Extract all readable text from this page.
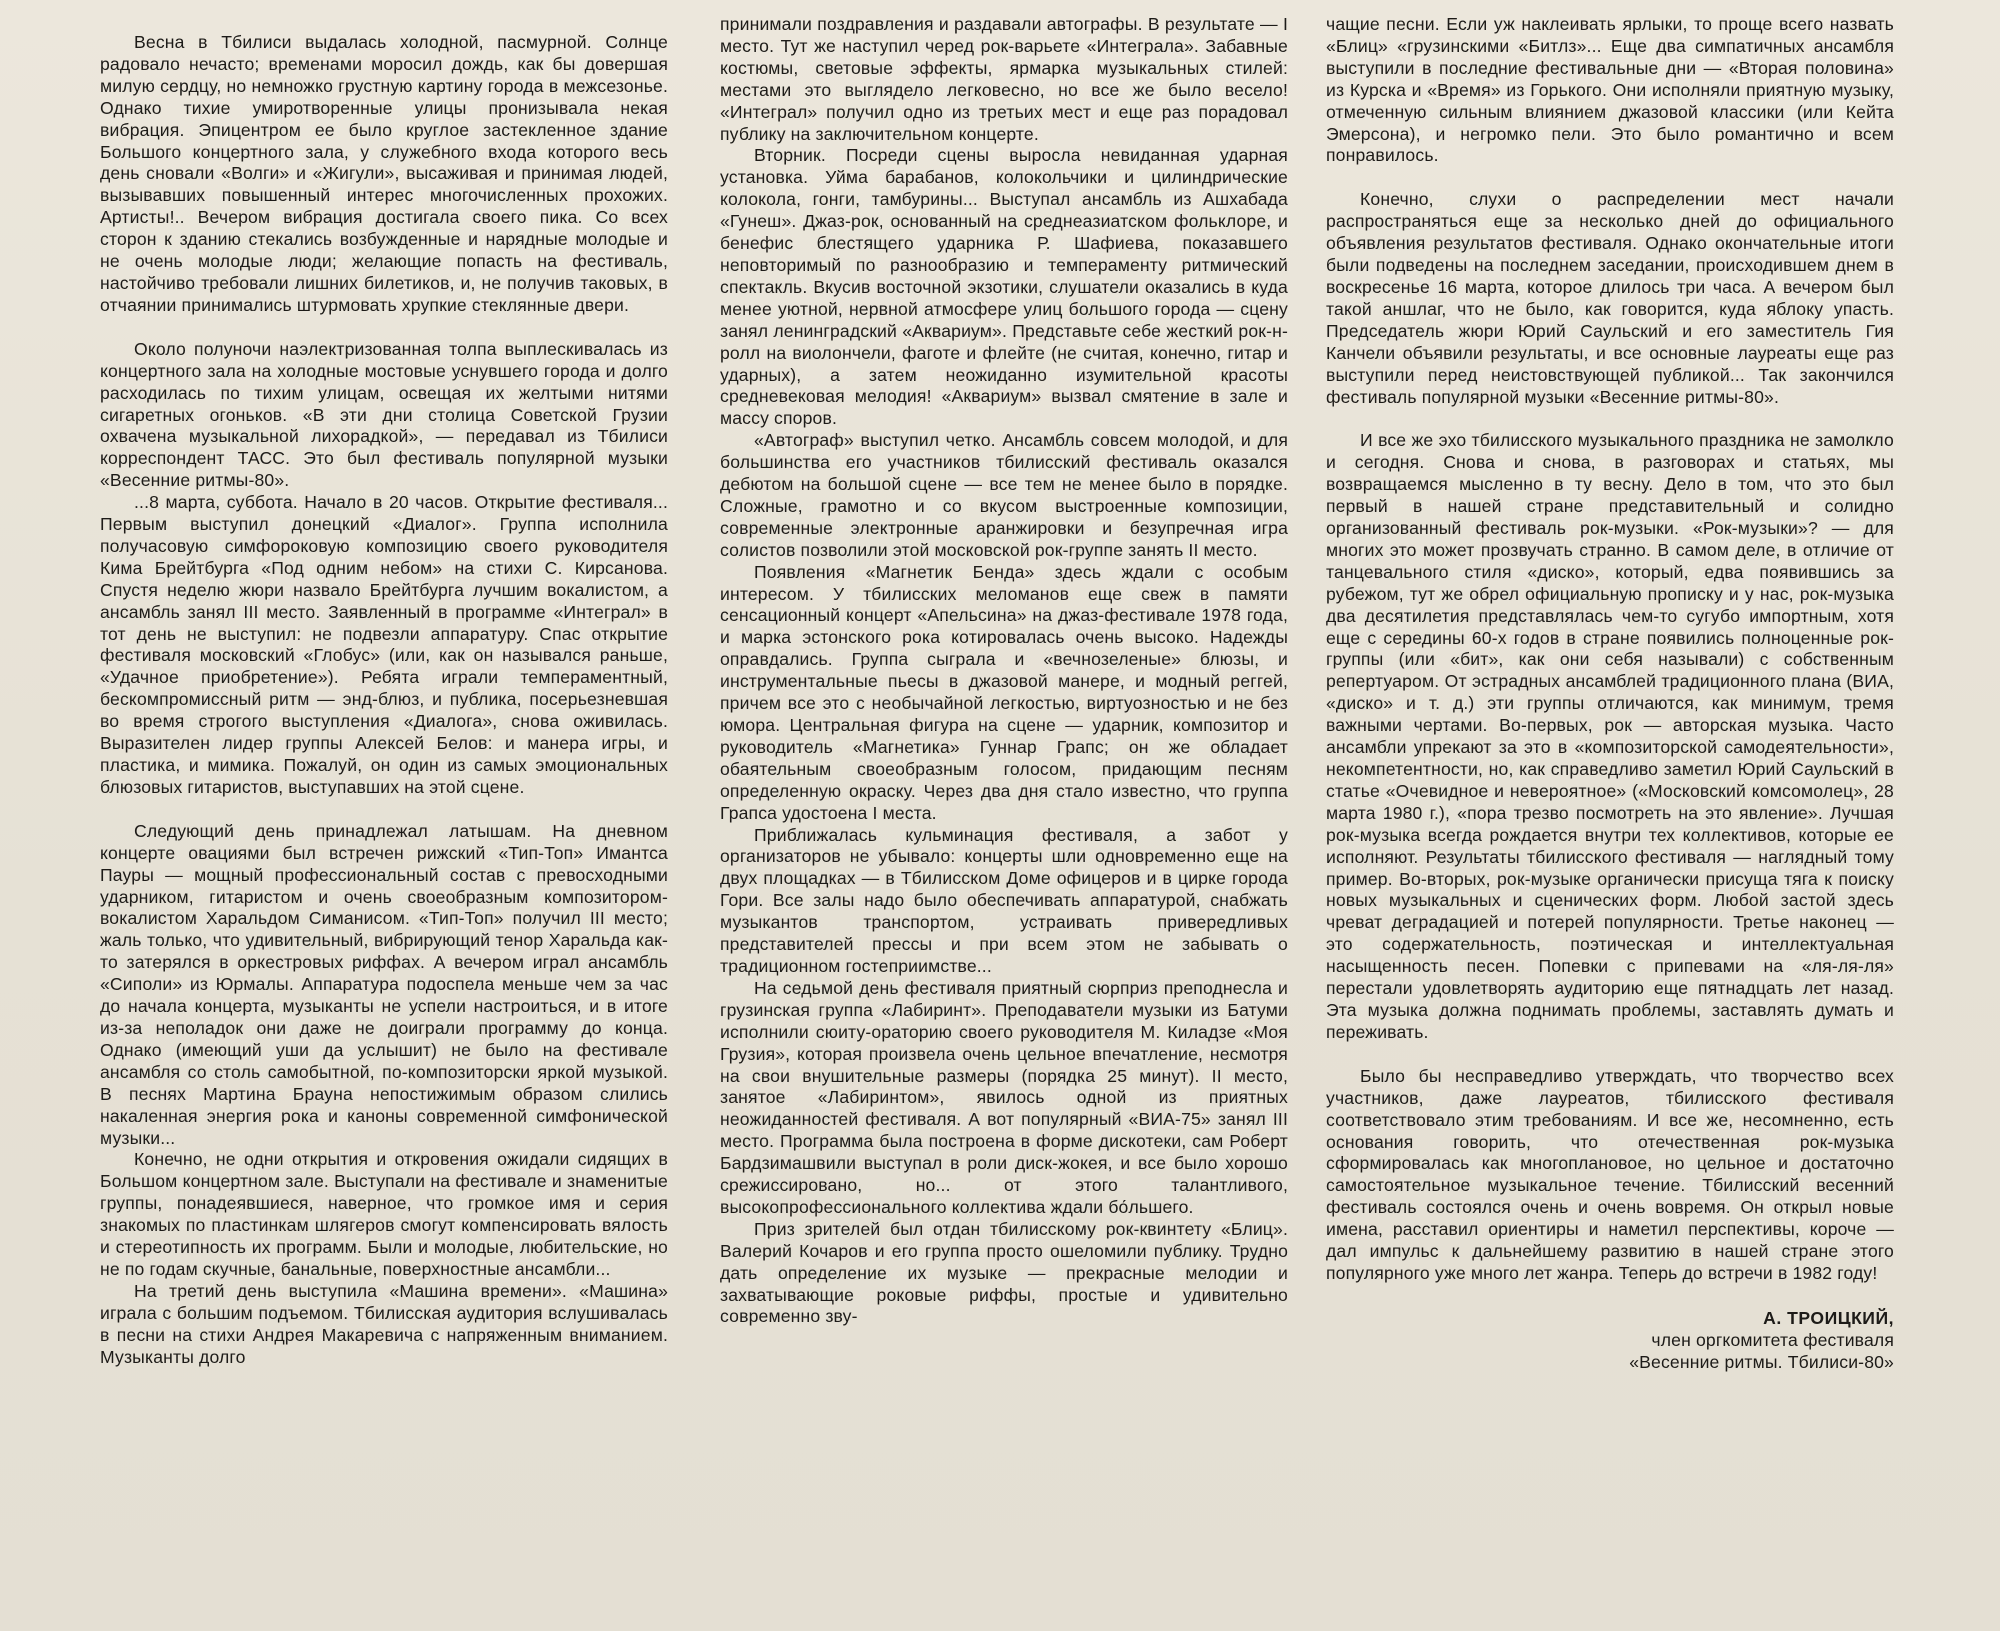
Весна в Тбилиси выдалась холодной, пасмурной. Солнце радовало нечасто; временами моросил дождь, как бы довершая милую сердцу, но немножко грустную картину города в межсезонье. Однако тихие умиротворенные улицы пронизывала некая вибрация. Эпицентром ее было круглое застекленное здание Большого концертного зала, у служебного входа которого весь день сновали «Волги» и «Жигули», высаживая и принимая людей, вызывавших повышенный интерес многочисленных прохожих. Артисты!.. Вечером вибрация достигала своего пика. Со всех сторон к зданию стекались возбужденные и нарядные молодые и не очень молодые люди; желающие попасть на фестиваль, настойчиво требовали лишних билетиков, и, не получив таковых, в отчаянии принимались штурмовать хрупкие стеклянные двери.

Около полуночи наэлектризованная толпа выплескивалась из концертного зала на холодные мостовые уснувшего города и долго расходилась по тихим улицам, освещая их желтыми нитями сигаретных огоньков. «В эти дни столица Советской Грузии охвачена музыкальной лихорадкой», — передавал из Тбилиси корреспондент ТАСС. Это был фестиваль популярной музыки «Весенние ритмы-80».

...8 марта, суббота. Начало в 20 часов. Открытие фестиваля... Первым выступил донецкий «Диалог». Группа исполнила получасовую симфороковую композицию своего руководителя Кима Брейтбурга «Под одним небом» на стихи С. Кирсанова. Спустя неделю жюри назвало Брейтбурга лучшим вокалистом, а ансамбль занял III место. Заявленный в программе «Интеграл» в тот день не выступил: не подвезли аппаратуру. Спас открытие фестиваля московский «Глобус» (или, как он назывался раньше, «Удачное приобретение»). Ребята играли темпераментный, бескомпромиссный ритм — энд-блюз, и публика, посерьезневшая во время строгого выступления «Диалога», снова оживилась. Выразителен лидер группы Алексей Белов: и манера игры, и пластика, и мимика. Пожалуй, он один из самых эмоциональных блюзовых гитаристов, выступавших на этой сцене.

Следующий день принадлежал латышам. На дневном концерте овациями был встречен рижский «Тип-Топ» Имантса Пауры — мощный профессиональный состав с превосходными ударником, гитаристом и очень своеобразным композитором-вокалистом Харальдом Симанисом. «Тип-Топ» получил III место; жаль только, что удивительный, вибрирующий тенор Харальда как-то затерялся в оркестровых риффах. А вечером играл ансамбль «Сиполи» из Юрмалы. Аппаратура подоспела меньше чем за час до начала концерта, музыканты не успели настроиться, и в итоге из-за неполадок они даже не доиграли программу до конца. Однако (имеющий уши да услышит) не было на фестивале ансамбля со столь самобытной, по-композиторски яркой музыкой. В песнях Мартина Брауна непостижимым образом слились накаленная энергия рока и каноны современной симфонической музыки...

Конечно, не одни открытия и откровения ожидали сидящих в Большом концертном зале. Выступали на фестивале и знаменитые группы, понадеявшиеся, наверное, что громкое имя и серия знакомых по пластинкам шлягеров смогут компенсировать вялость и стереотипность их программ. Были и молодые, любительские, но не по годам скучные, банальные, поверхностные ансамбли...

На третий день выступила «Машина времени». «Машина» играла с большим подъемом. Тбилисская аудитория вслушивалась в песни на стихи Андрея Макаревича с напряженным вниманием. Музыканты долго

принимали поздравления и раздавали автографы. В результате — I место. Тут же наступил черед рок-варьете «Интеграла». Забавные костюмы, световые эффекты, ярмарка музыкальных стилей: местами это выглядело легковесно, но все же было весело! «Интеграл» получил одно из третьих мест и еще раз порадовал публику на заключительном концерте.

Вторник. Посреди сцены выросла невиданная ударная установка. Уйма барабанов, колокольчики и цилиндрические колокола, гонги, тамбурины... Выступал ансамбль из Ашхабада «Гунеш». Джаз-рок, основанный на среднеазиатском фольклоре, и бенефис блестящего ударника Р. Шафиева, показавшего неповторимый по разнообразию и темпераменту ритмический спектакль. Вкусив восточной экзотики, слушатели оказались в куда менее уютной, нервной атмосфере улиц большого города — сцену занял ленинградский «Аквариум». Представьте себе жесткий рок-н-ролл на виолончели, фаготе и флейте (не считая, конечно, гитар и ударных), а затем неожиданно изумительной красоты средневековая мелодия! «Аквариум» вызвал смятение в зале и массу споров.

«Автограф» выступил четко. Ансамбль совсем молодой, и для большинства его участников тбилисский фестиваль оказался дебютом на большой сцене — все тем не менее было в порядке. Сложные, грамотно и со вкусом выстроенные композиции, современные электронные аранжировки и безупречная игра солистов позволили этой московской рок-группе занять II место.

Появления «Магнетик Бенда» здесь ждали с особым интересом. У тбилисских меломанов еще свеж в памяти сенсационный концерт «Апельсина» на джаз-фестивале 1978 года, и марка эстонского рока котировалась очень высоко. Надежды оправдались. Группа сыграла и «вечнозеленые» блюзы, и инструментальные пьесы в джазовой манере, и модный реггей, причем все это с необычайной легкостью, виртуозностью и не без юмора. Центральная фигура на сцене — ударник, композитор и руководитель «Магнетика» Гуннар Грапс; он же обладает обаятельным своеобразным голосом, придающим песням определенную окраску. Через два дня стало известно, что группа Грапса удостоена I места.

Приближалась кульминация фестиваля, а забот у организаторов не убывало: концерты шли одновременно еще на двух площадках — в Тбилисском Доме офицеров и в цирке города Гори. Все залы надо было обеспечивать аппаратурой, снабжать музыкантов транспортом, устраивать привередливых представителей прессы и при всем этом не забывать о традиционном гостеприимстве...

На седьмой день фестиваля приятный сюрприз преподнесла и грузинская группа «Лабиринт». Преподаватели музыки из Батуми исполнили сюиту-ораторию своего руководителя М. Киладзе «Моя Грузия», которая произвела очень цельное впечатление, несмотря на свои внушительные размеры (порядка 25 минут). II место, занятое «Лабиринтом», явилось одной из приятных неожиданностей фестиваля. А вот популярный «ВИА-75» занял III место. Программа была построена в форме дискотеки, сам Роберт Бардзимашвили выступал в роли диск-жокея, и все было хорошо срежиссировано, но... от этого талантливого, высокопрофессионального коллектива ждали бо́льшего.

Приз зрителей был отдан тбилисскому рок-квинтету «Блиц». Валерий Кочаров и его группа просто ошеломили публику. Трудно дать определение их музыке — прекрасные мелодии и захватывающие роковые риффы, простые и удивительно современно зву-

чащие песни. Если уж наклеивать ярлыки, то проще всего назвать «Блиц» «грузинскими «Битлз»... Еще два симпатичных ансамбля выступили в последние фестивальные дни — «Вторая половина» из Курска и «Время» из Горького. Они исполняли приятную музыку, отмеченную сильным влиянием джазовой классики (или Кейта Эмерсона), и негромко пели. Это было романтично и всем понравилось.

Конечно, слухи о распределении мест начали распространяться еще за несколько дней до официального объявления результатов фестиваля. Однако окончательные итоги были подведены на последнем заседании, происходившем днем в воскресенье 16 марта, которое длилось три часа. А вечером был такой аншлаг, что не было, как говорится, куда яблоку упасть. Председатель жюри Юрий Саульский и его заместитель Гия Канчели объявили результаты, и все основные лауреаты еще раз выступили перед неистовствующей публикой... Так закончился фестиваль популярной музыки «Весенние ритмы-80».

И все же эхо тбилисского музыкального праздника не замолкло и сегодня. Снова и снова, в разговорах и статьях, мы возвращаемся мысленно в ту весну. Дело в том, что это был первый в нашей стране представительный и солидно организованный фестиваль рок-музыки. «Рок-музыки»? — для многих это может прозвучать странно. В самом деле, в отличие от танцевального стиля «диско», который, едва появившись за рубежом, тут же обрел официальную прописку и у нас, рок-музыка два десятилетия представлялась чем-то сугубо импортным, хотя еще с середины 60-х годов в стране появились полноценные рок-группы (или «бит», как они себя называли) с собственным репертуаром. От эстрадных ансамблей традиционного плана (ВИА, «диско» и т. д.) эти группы отличаются, как минимум, тремя важными чертами. Во-первых, рок — авторская музыка. Часто ансамбли упрекают за это в «композиторской самодеятельности», некомпетентности, но, как справедливо заметил Юрий Саульский в статье «Очевидное и невероятное» («Московский комсомолец», 28 марта 1980 г.), «пора трезво посмотреть на это явление». Лучшая рок-музыка всегда рождается внутри тех коллективов, которые ее исполняют. Результаты тбилисского фестиваля — наглядный тому пример. Во-вторых, рок-музыке органически присуща тяга к поиску новых музыкальных и сценических форм. Любой застой здесь чреват деградацией и потерей популярности. Третье наконец — это содержательность, поэтическая и интеллектуальная насыщенность песен. Попевки с припевами на «ля-ля-ля» перестали удовлетворять аудиторию еще пятнадцать лет назад. Эта музыка должна поднимать проблемы, заставлять думать и переживать.

Было бы несправедливо утверждать, что творчество всех участников, даже лауреатов, тбилисского фестиваля соответствовало этим требованиям. И все же, несомненно, есть основания говорить, что отечественная рок-музыка сформировалась как многоплановое, но цельное и достаточно самостоятельное музыкальное течение. Тбилисский весенний фестиваль состоялся очень и очень вовремя. Он открыл новые имена, расставил ориентиры и наметил перспективы, короче — дал импульс к дальнейшему развитию в нашей стране этого популярного уже много лет жанра. Теперь до встречи в 1982 году!

А. ТРОИЦКИЙ,
член оргкомитета фестиваля
«Весенние ритмы. Тбилиси-80»
